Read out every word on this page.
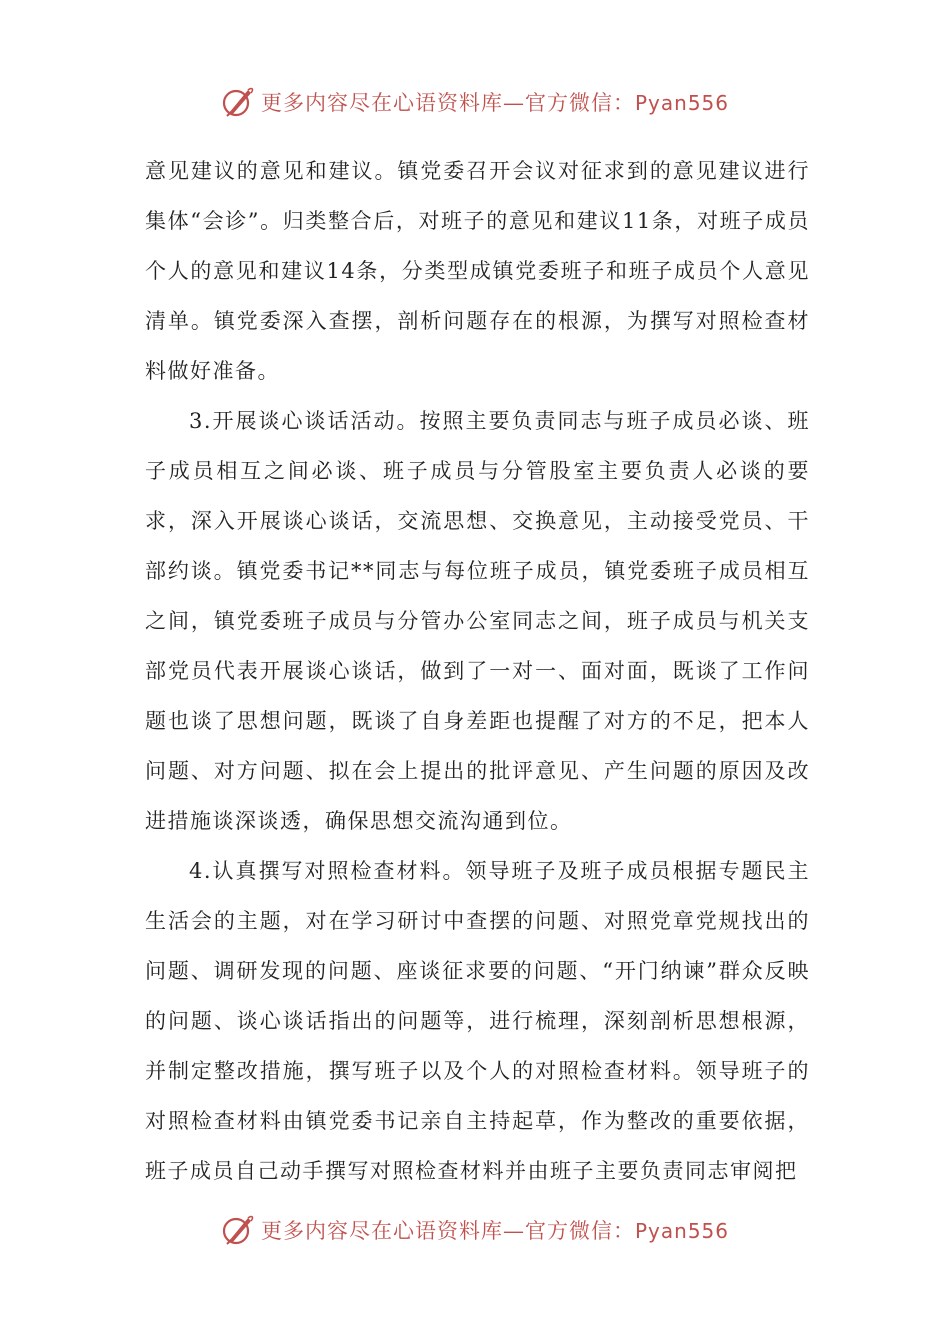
更多内容尽在心语资料库—官方微信：Pyan556

意见建议的意见和建议。镇党委召开会议对征求到的意见建议进行集体“会诊”。归类整合后，对班子的意见和建议11条，对班子成员个人的意见和建议14条，分类型成镇党委班子和班子成员个人意见清单。镇党委深入查摆，剖析问题存在的根源，为撰写对照检查材料做好准备。

3.开展谈心谈话活动。按照主要负责同志与班子成员必谈、班子成员相互之间必谈、班子成员与分管股室主要负责人必谈的要求，深入开展谈心谈话，交流思想、交换意见，主动接受党员、干部约谈。镇党委书记**同志与每位班子成员，镇党委班子成员相互之间，镇党委班子成员与分管办公室同志之间，班子成员与机关支部党员代表开展谈心谈话，做到了一对一、面对面，既谈了工作问题也谈了思想问题，既谈了自身差距也提醒了对方的不足，把本人问题、对方问题、拟在会上提出的批评意见、产生问题的原因及改进措施谈深谈透，确保思想交流沟通到位。

4.认真撰写对照检查材料。领导班子及班子成员根据专题民主生活会的主题，对在学习研讨中查摆的问题、对照党章党规找出的问题、调研发现的问题、座谈征求要的问题、“开门纳谏”群众反映的问题、谈心谈话指出的问题等，进行梳理，深刻剖析思想根源，并制定整改措施，撰写班子以及个人的对照检查材料。领导班子的对照检查材料由镇党委书记亲自主持起草，作为整改的重要依据，班子成员自己动手撰写对照检查材料并由班子主要负责同志审阅把

更多内容尽在心语资料库—官方微信：Pyan556
